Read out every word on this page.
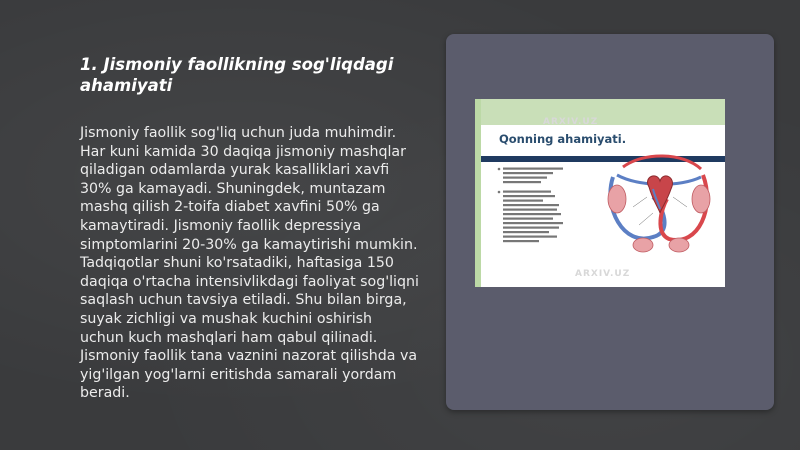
1. Jismoniy faollikning sog'liqdagi ahamiyati

Jismoniy faollik sog'liq uchun juda muhimdir. Har kuni kamida 30 daqiqa jismoniy mashqlar qiladigan odamlarda yurak kasalliklari xavfi 30% ga kamayadi. Shuningdek, muntazam mashq qilish 2-toifa diabet xavfini 50% ga kamaytiradi. Jismoniy faollik depressiya simptomlarini 20-30% ga kamaytirishi mumkin. Tadqiqotlar shuni ko'rsatadiki, haftasiga 150 daqiqa o'rtacha intensivlikdagi faoliyat sog'liqni saqlash uchun tavsiya etiladi. Shu bilan birga, suyak zichligi va mushak kuchini oshirish uchun kuch mashqlari ham qabul qilinadi. Jismoniy faollik tana vaznini nazorat qilishda va yig'ilgan yog'larni eritishda samarali yordam beradi.

ARXIV.UZ
ARXIV.UZ
Qonning ahamiyati.
